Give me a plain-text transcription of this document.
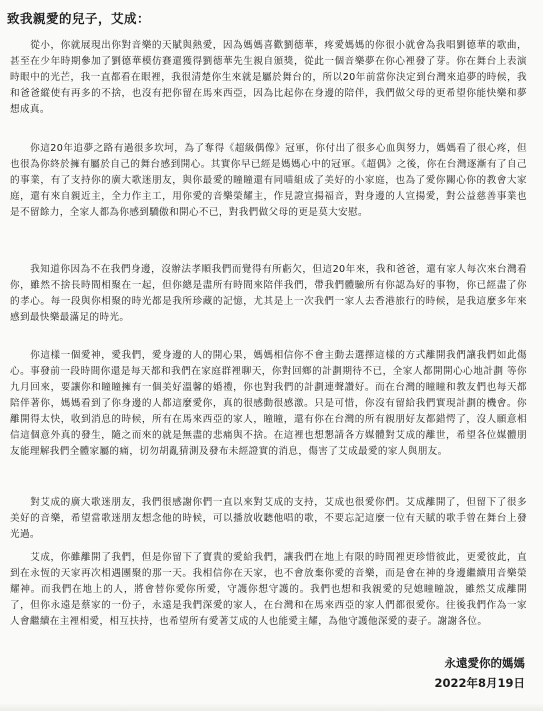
致我親愛的兒子，艾成：

從小，你就展現出你對音樂的天賦與熱愛，因為媽媽喜歡劉德華，疼愛媽媽的你很小就會為我唱劉德華的歌曲，甚至在少年時期參加了劉德華模仿賽還獲得劉德華先生親自頒獎，從此一個音樂夢在你心裡發了芽。你在舞台上表演時眼中的光芒，我一直都看在眼裡，我很清楚你生來就是屬於舞台的，所以20年前當你決定到台灣來追夢的時候，我和爸爸縱使有再多的不捨，也沒有把你留在馬來西亞，因為比起你在身邊的陪伴，我們做父母的更希望你能快樂和夢想成真。

你這20年追夢之路有過很多坎坷，為了奪得《超級偶像》冠軍，你付出了很多心血與努力，媽媽看了很心疼，但也很為你終於擁有屬於自己的舞台感到開心。其實你早已經是媽媽心中的冠軍。《超偶》之後，你在台灣逐漸有了自己的事業，有了支持你的廣大歌迷朋友，與你最愛的瞳瞳還有同喵組成了美好的小家庭，也為了愛你關心你的教會大家庭，還有來自親近主，全力作主工，用你愛的音樂榮耀主，作見證宣揚福音，對身邊的人宣揚愛，對公益慈善事業也是不留餘力，全家人都為你感到驕傲和開心不已，對我們做父母的更是莫大安慰。

我知道你因為不在我們身邊，沒辦法孝順我們而覺得有所虧欠，但這20年來，我和爸爸，還有家人每次來台灣看你，雖然不捨長時間相聚在一起，但你總是盡所有時間來陪伴我們，帶我們體驗所有你認為好的事物，你已經盡了你的孝心。每一段與你相聚的時光都是我所珍藏的記憶，尤其是上一次我們一家人去香港旅行的時候，是我這麼多年來感到最快樂最滿足的時光。

你這樣一個愛神，愛我們，愛身邊的人的開心果，媽媽相信你不會主動去選擇這樣的方式離開我們讓我們如此傷心。事發前一段時間你還是每天都和我們在家庭群裡聊天，你對回鄉的計劃期待不已，全家人都開開心心地計劃 等你九月回來，要讓你和瞳瞳擁有一個美好溫馨的婚禮，你也對我們的計劃連聲讚好。而在台灣的瞳瞳和教友們也每天都陪伴著你，媽媽看到了你身邊的人都這麼愛你，真的很感動很感激。只是可惜，你沒有留給我們實現計劃的機會。你離開得太快，收到消息的時候，所有在馬來西亞的家人，瞳瞳，還有你在台灣的所有親朋好友都錯愕了，沒人願意相信這個意外真的發生，隨之而來的就是無盡的悲痛與不捨。在這裡也想懇請各方媒體對艾成的離世，希望各位媒體朋友能理解我們全體家屬的痛，切勿胡亂猜測及發布未經證實的消息，傷害了艾成最愛的家人與朋友。

對艾成的廣大歌迷朋友，我們很感謝你們一直以來對艾成的支持，艾成也很愛你們。艾成離開了，但留下了很多美好的音樂，希望當歌迷朋友想念他的時候，可以播放收聽他唱的歌，不要忘記這麼一位有天賦的歌手曾在舞台上發光過。

艾成，你雖離開了我們，但是你留下了寶貴的愛給我們，讓我們在地上有限的時間裡更珍惜彼此，更愛彼此，直到在永恆的天家再次相遇團聚的那一天。我相信你在天家，也不會放棄你愛的音樂，而是會在神的身邊繼續用音樂榮耀神。而我們在地上的人，將會替你愛你所愛，守護你想守護的。我們也想和我親愛的兒媳瞳瞳說，雖然艾成離開了，但你永遠是蔡家的一份子，永遠是我們深愛的家人，在台灣和在馬來西亞的家人們都很愛你。往後我們作為一家人會繼續在主裡相愛，相互扶持，也希望所有愛著艾成的人也能愛主耀，為他守護他深愛的妻子。謝謝各位。

永遠愛你的媽媽
2022年8月19日
